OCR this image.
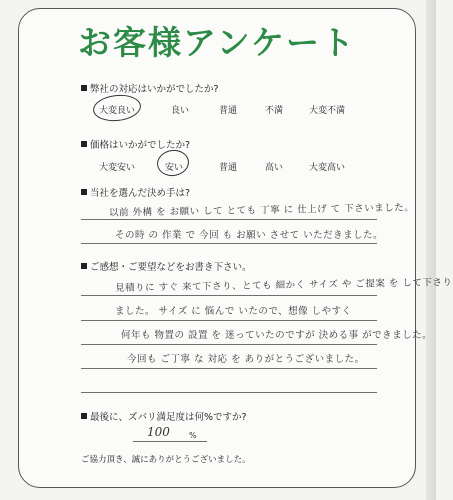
お客様アンケート
弊社の対応はいかがでしたか?
大変良い	良い	普通	不満	大変不満
価格はいかがでしたか?
大変安い	安い	普通	高い	大変高い
当社を選んだ決め手は?
以前 外構 を お願い して とても 丁寧 に 仕上げ て 下さいました。
その時 の 作業 で 今回 も お願い させて いただきました。
ご感想・ご要望などをお書き下さい。
見積りに すぐ 来て下さり、とても 細かく サイズ や ご提案 を して下さり
ました。 サイズ に 悩んで いたので、想像 しやすく
何年も 物置の 設置 を 迷っていたのですが 決める事 ができました。
今回も ご丁寧 な 対応 を ありがとうございました。
最後に、ズバリ満足度は何%ですか?
100 %
ご協力頂き、誠にありがとうございました。
